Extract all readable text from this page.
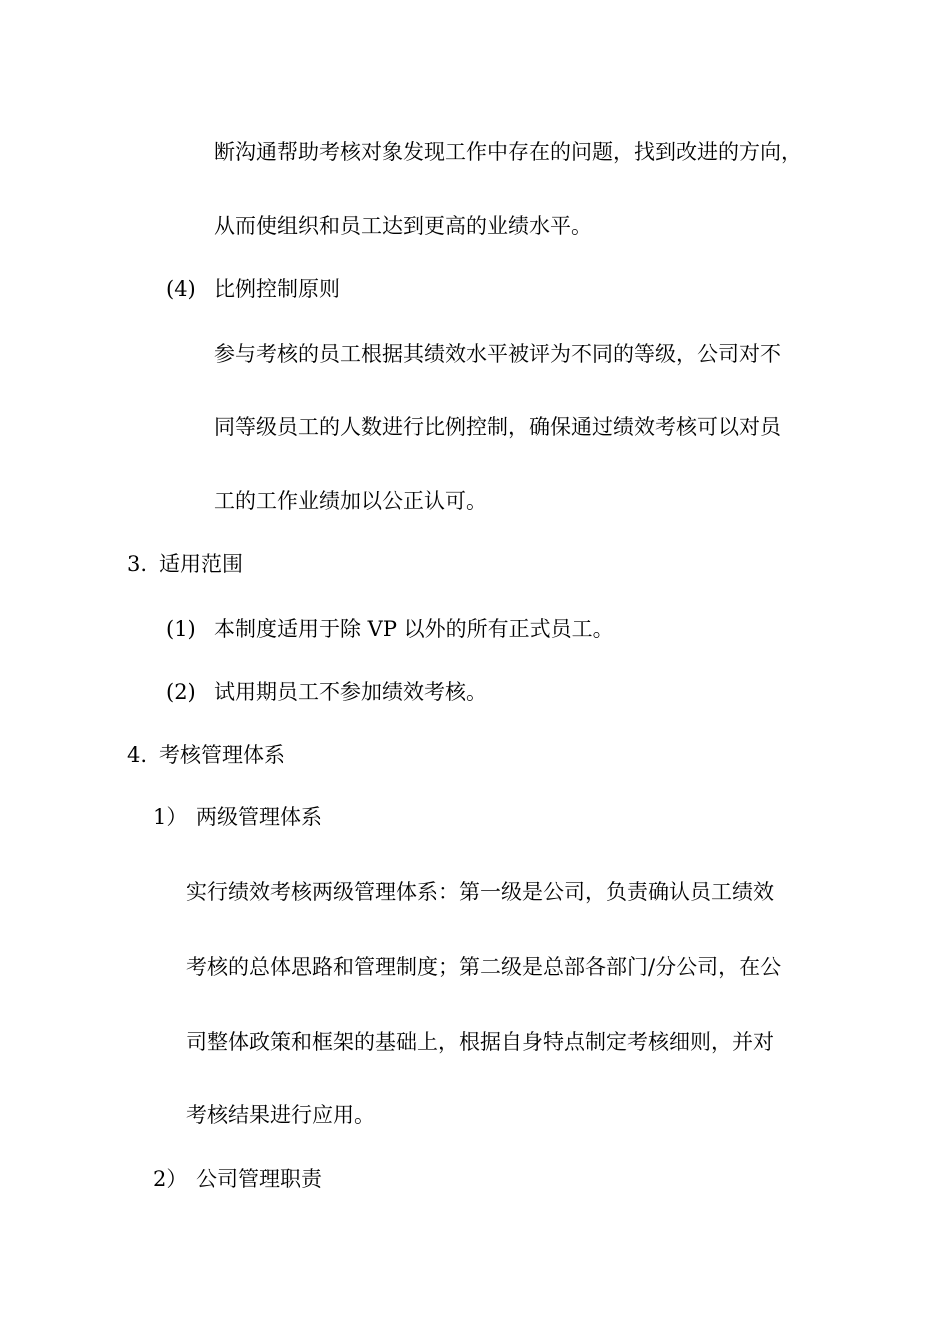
断沟通帮助考核对象发现工作中存在的问题，找到改进的方向，
从而使组织和员工达到更高的业绩水平。
(4) 比例控制原则
参与考核的员工根据其绩效水平被评为不同的等级，公司对不
同等级员工的人数进行比例控制，确保通过绩效考核可以对员
工的工作业绩加以公正认可。
3. 适用范围
(1) 本制度适用于除 VP 以外的所有正式员工。
(2) 试用期员工不参加绩效考核。
4. 考核管理体系
1） 两级管理体系
实行绩效考核两级管理体系：第一级是公司，负责确认员工绩效
考核的总体思路和管理制度；第二级是总部各部门/分公司，在公
司整体政策和框架的基础上，根据自身特点制定考核细则，并对
考核结果进行应用。
2） 公司管理职责
